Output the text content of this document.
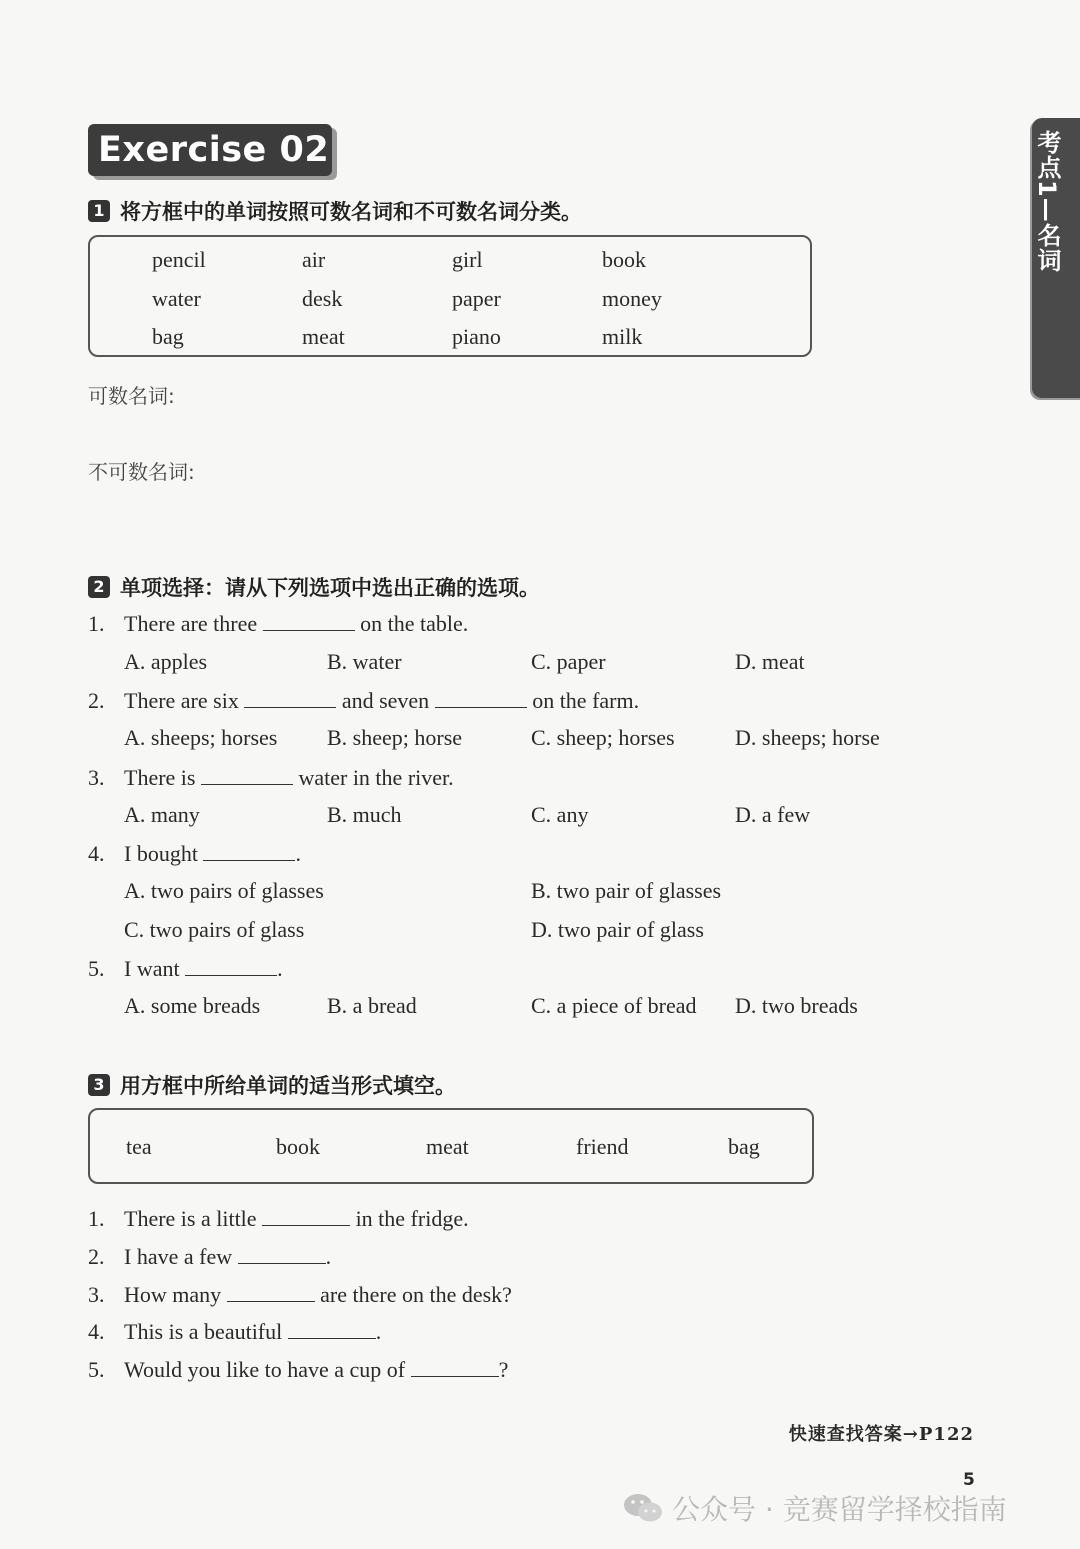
Exercise 02	考点1—名词
1 将方框中的单词按照可数名词和不可数名词分类。
pencil	air	girl	book
water	desk	paper	money
bag	meat	piano	milk
可数名词:
不可数名词:
2 单项选择：请从下列选项中选出正确的选项。
1. There are three	on the table.
A. apples	B. water	C. paper	D. meat
2. There are six	and seven	on the farm.
A. sheeps; horses B. sheep; horse	C. sheep; horses	D. sheeps; horse
3. There is	water in the river.
A. many	B. much	C. any	D. a few
4. I bought	.
A. two pairs of glasses	B. two pair of glasses
C. two pairs of glass	D. two pair of glass
5. I want	.
A. some breads	B. a bread	C. a piece of bread D. two breads
3 用方框中所给单词的适当形式填空。
tea	book	meat	friend	bag
1. There is a little	in the fridge.
2. I have a few	.
3. How many	are there on the desk?
4. This is a beautiful	.
5. Would you like to have a cup of	?
快速查找答案→P122
5
公众号 · 竞赛留学择校指南
